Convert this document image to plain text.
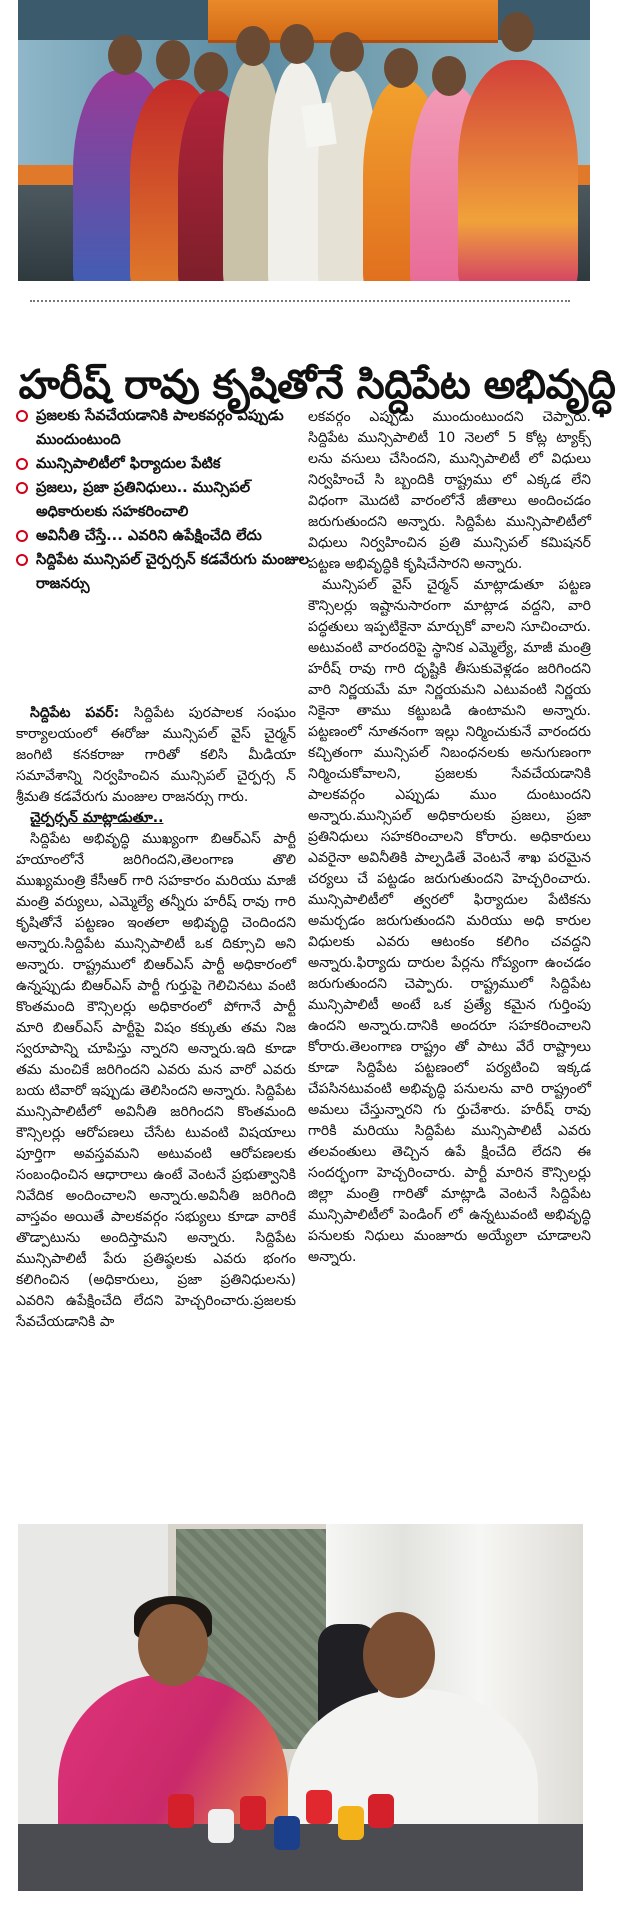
హరీష్ రావు కృషితోనే సిద్దిపేట అభివృద్ధి

ప్రజలకు సేవచేయడానికి పాలకవర్గం ఎప్పుడు ముందుంటుంది

మున్సిపాలిటీలో ఫిర్యాదుల పేటిక

ప్రజలు, ప్రజా ప్రతినిధులు.. మున్సిపల్ అధికారులకు సహకరించాలి

అవినీతి చేస్తే... ఎవరిని ఉపేక్షించేది లేదు

సిద్దిపేట మున్సిపల్ చైర్పర్సన్ కడవేరుగు మంజుల రాజనర్సు

సిద్దిపేట పవర్: సిద్దిపేట పురపాలక సంఘం కార్యాలయంలో ఈరోజు మున్సిపల్ వైస్ చైర్మన్ జంగిటి కనకరాజు గారితో కలిసి మీడియా సమావేశాన్ని నిర్వహించిన మున్సిపల్ చైర్పర్స న్ శ్రీమతి కడవేరుగు మంజుల రాజనర్సు గారు.

చైర్పర్సన్ మాట్లాడుతూ..

సిద్దిపేట అభివృద్ధి ముఖ్యంగా బిఆర్ఎస్ పార్టీ హయాంలోనే జరిగిందని,తెలంగాణ తొలి ముఖ్యమంత్రి కేసీఆర్ గారి సహకారం మరియు మాజీ మంత్రి వర్యులు, ఎమ్మెల్యే తన్నీరు హరీష్ రావు గారి కృషితోనే పట్టణం ఇంతలా అభివృద్ధి చెందిందని అన్నారు.సిద్దిపేట మున్సిపాలిటీ ఒక దిక్సూచి అని అన్నారు. రాష్ట్రములో బిఆర్ఎస్ పార్టీ అధికారంలో ఉన్నప్పుడు బిఆర్ఎస్ పార్టీ గుర్తుపై గెలిచినటు వంటి కొంతమంది కౌన్సిలర్లు అధికారంలో పోగానే పార్టీ మారి బిఆర్ఎస్ పార్టీపై విషం కక్కుతు తమ నిజ స్వరూపాన్ని చూపిస్తు న్నారని అన్నారు.ఇది కూడా తమ మంచికే జరిగిందని ఎవరు మన వారో ఎవరు బయ టివారో ఇప్పుడు తెలిసిందని అన్నారు. సిద్దిపేట మున్సిపాలిటీలో అవినీతి జరిగిందని కొంతమంది కౌన్సిలర్లు ఆరోపణలు చేసేట టువంటి విషయాలు పూర్తిగా అవస్తవమని అటువంటి ఆరోపణలకు సంబంధించిన ఆధారాలు ఉంటే వెంటనే ప్రభుత్వానికి నివేదిక అందించాలని అన్నారు.అవినీతి జరిగింది వాస్తవం అయితే పాలకవర్గం సభ్యులు కూడా వారికే తొడ్పాటును అందిస్తామని అన్నారు. సిద్దిపేట మున్సిపాలిటీ పేరు ప్రతిష్ఠలకు ఎవరు భంగం కలిగించిన (అధికారులు, ప్రజా ప్రతినిధులను) ఎవరిని ఉపేక్షించేది లేదని హెచ్చరించారు.ప్రజలకు సేవచేయడానికి పా

లకవర్గం ఎప్పుడు ముందుంటుందని చెప్పారు. సిద్దిపేట మున్సిపాలిటీ 10 నెలలో 5 కోట్ల ట్యాక్స్ లను వసులు చేసిందని, మున్సిపాలిటీ లో విధులు నిర్వహించే సి బ్బందికి రాష్ట్రము లో ఎక్కడ లేని విధంగా మొదటి వారంలోనే జీతాలు అందించడం జరుగుతుందని అన్నారు. సిద్దిపేట మున్సిపాలిటీలో విధులు నిర్వహించిన ప్రతి మున్సిపల్ కమిషనర్ పట్టణ అభివృద్ధికి కృషిచేసారని అన్నారు.

మున్సిపల్ వైస్ చైర్మన్ మాట్లాడుతూ పట్టణ కౌన్సిలర్లు ఇష్టానుసారంగా మాట్లాడ వద్దని, వారి పద్ధతులు ఇప్పటికైనా మార్చుకో వాలని సూచించారు. అటువంటి వారందరిపై స్థానిక ఎమ్మెల్యే, మాజీ మంత్రి హరీష్ రావు గారి దృష్టికి తీసుకువెళ్లడం జరిగిందని వారి నిర్ణయమే మా నిర్ణయమని ఎటువంటి నిర్ణయ నికైనా తాము కట్టుబడి ఉంటామని అన్నారు. పట్టణంలో నూతనంగా ఇల్లు నిర్మించుకునే వారందరు కచ్చితంగా మున్సిపల్ నిబంధనలకు అనుగుణంగా నిర్మించుకోవాలని, ప్రజలకు సేవచేయడానికి పాలకవర్గం ఎప్పుడు ముం దుంటుందని అన్నారు.మున్సిపల్ అధికారులకు ప్రజలు, ప్రజా ప్రతినిధులు సహకరించాలని కోరారు. అధికారులు ఎవరైనా అవినీతికి పాల్పడితే వెంటనే శాఖ పరమైన చర్యలు చే పట్టడం జరుగుతుందని హెచ్చరించారు. మున్సిపాలిటీలో త్వరలో ఫిర్యాదుల పేటికను అమర్చడం జరుగుతుందని మరియు అధి కారుల విధులకు ఎవరు ఆటంకం కలిగిం చవద్దని అన్నారు.ఫిర్యాదు దారుల పేర్లను గోప్యంగా ఉంచడం జరుగుతుందని చెప్పారు. రాష్ట్రములో సిద్దిపేట మున్సిపాలిటీ అంటే ఒక ప్రత్యే కమైన గుర్తింపు ఉందని అన్నారు.దానికి అందరూ సహకరించాలని కోరారు.తెలంగాణ రాష్ట్రం తో పాటు వేరే రాష్ట్రాలు కూడా సిద్దిపేట పట్టణంలో పర్యటించి ఇక్కడ చేపసినటువంటి అభివృద్ధి పనులను వారి రాష్ట్రంలో అమలు చేస్తున్నారని గు ర్తుచేశారు. హరీష్ రావు గారికి మరియు సిద్దిపేట మున్సిపాలిటీ ఎవరు తలవంతులు తెచ్చిన ఉపే క్షించేది లేదని ఈ సందర్భంగా హెచ్చరించారు. పార్టీ మారిన కౌన్సిలర్లు జిల్లా మంత్రి గారితో మాట్లాడి వెంటనే సిద్దిపేట మున్సిపాలిటీలో పెండింగ్ లో ఉన్నటువంటి అభివృద్ధి పనులకు నిధులు మంజూరు అయ్యేలా చూడాలని అన్నారు.
